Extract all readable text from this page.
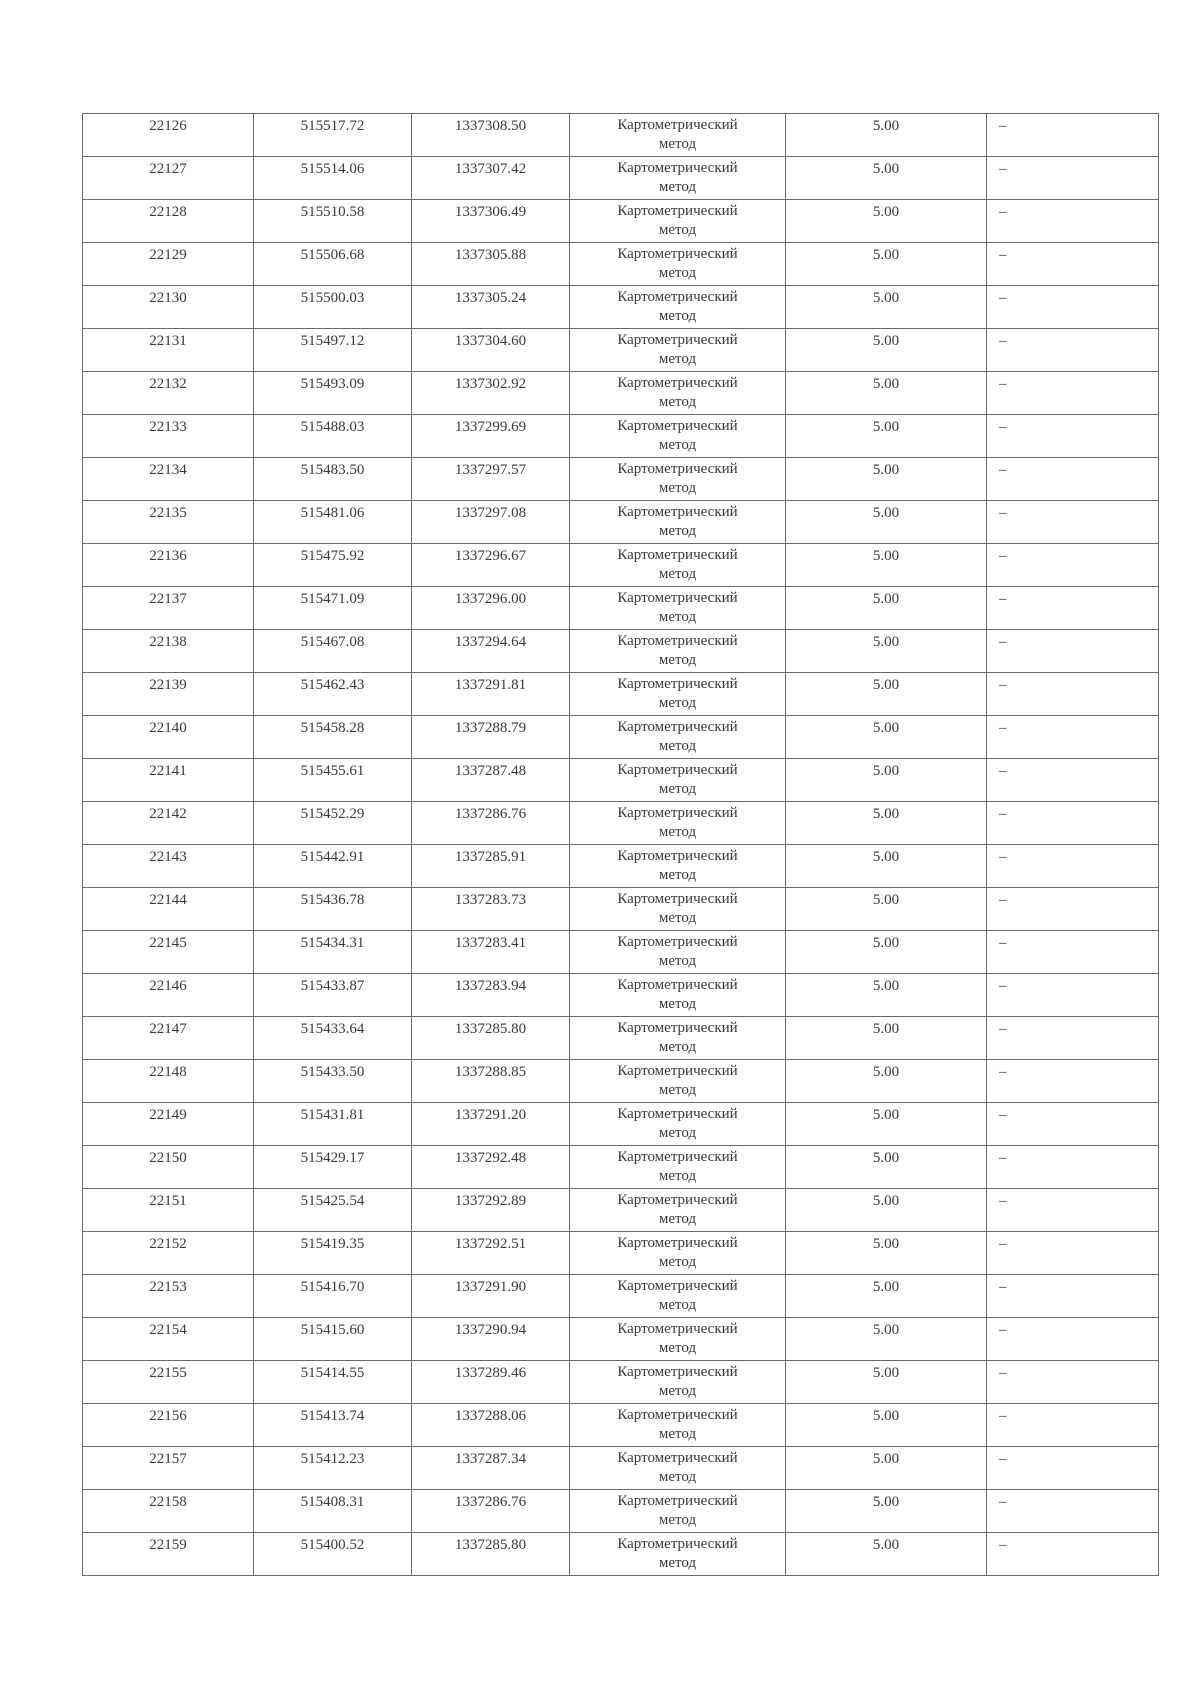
22126	515517.72	1337308.50	Картометрический
метод	5.00	–
22127	515514.06	1337307.42	Картометрический
метод	5.00	–
22128	515510.58	1337306.49	Картометрический
метод	5.00	–
22129	515506.68	1337305.88	Картометрический
метод	5.00	–
22130	515500.03	1337305.24	Картометрический
метод	5.00	–
22131	515497.12	1337304.60	Картометрический
метод	5.00	–
22132	515493.09	1337302.92	Картометрический
метод	5.00	–
22133	515488.03	1337299.69	Картометрический
метод	5.00	–
22134	515483.50	1337297.57	Картометрический
метод	5.00	–
22135	515481.06	1337297.08	Картометрический
метод	5.00	–
22136	515475.92	1337296.67	Картометрический
метод	5.00	–
22137	515471.09	1337296.00	Картометрический
метод	5.00	–
22138	515467.08	1337294.64	Картометрический
метод	5.00	–
22139	515462.43	1337291.81	Картометрический
метод	5.00	–
22140	515458.28	1337288.79	Картометрический
метод	5.00	–
22141	515455.61	1337287.48	Картометрический
метод	5.00	–
22142	515452.29	1337286.76	Картометрический
метод	5.00	–
22143	515442.91	1337285.91	Картометрический
метод	5.00	–
22144	515436.78	1337283.73	Картометрический
метод	5.00	–
22145	515434.31	1337283.41	Картометрический
метод	5.00	–
22146	515433.87	1337283.94	Картометрический
метод	5.00	–
22147	515433.64	1337285.80	Картометрический
метод	5.00	–
22148	515433.50	1337288.85	Картометрический
метод	5.00	–
22149	515431.81	1337291.20	Картометрический
метод	5.00	–
22150	515429.17	1337292.48	Картометрический
метод	5.00	–
22151	515425.54	1337292.89	Картометрический
метод	5.00	–
22152	515419.35	1337292.51	Картометрический
метод	5.00	–
22153	515416.70	1337291.90	Картометрический
метод	5.00	–
22154	515415.60	1337290.94	Картометрический
метод	5.00	–
22155	515414.55	1337289.46	Картометрический
метод	5.00	–
22156	515413.74	1337288.06	Картометрический
метод	5.00	–
22157	515412.23	1337287.34	Картометрический
метод	5.00	–
22158	515408.31	1337286.76	Картометрический
метод	5.00	–
22159	515400.52	1337285.80	Картометрический
метод	5.00	–
